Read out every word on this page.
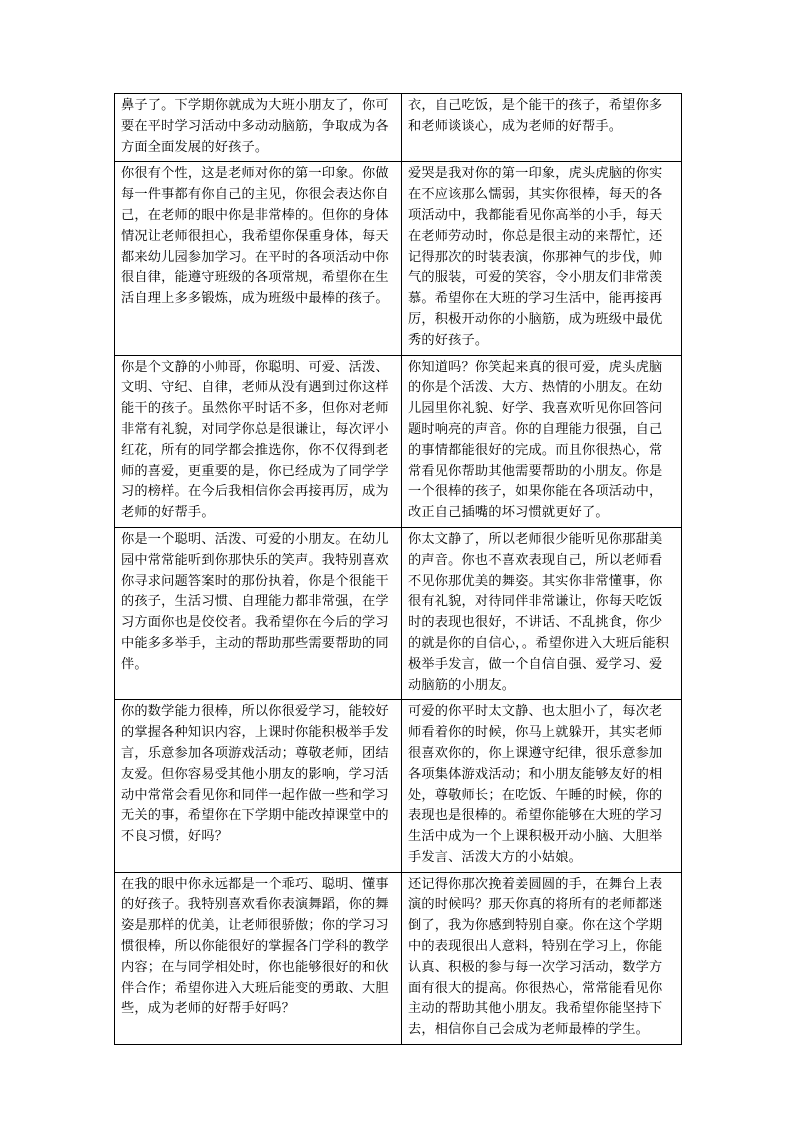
鼻子了。下学期你就成为大班小朋友了，你可要在平时学习活动中多动动脑筋，争取成为各方面全面发展的好孩子。	衣，自己吃饭，是个能干的孩子，希望你多和老师谈谈心，成为老师的好帮手。
你很有个性，这是老师对你的第一印象。你做每一件事都有你自己的主见，你很会表达你自己，在老师的眼中你是非常棒的。但你的身体情况让老师很担心，我希望你保重身体，每天都来幼儿园参加学习。在平时的各项活动中你很自律，能遵守班级的各项常规，希望你在生活自理上多多锻炼，成为班级中最棒的孩子。	爱哭是我对你的第一印象，虎头虎脑的你实在不应该那么懦弱，其实你很棒，每天的各项活动中，我都能看见你高举的小手，每天在老师劳动时，你总是很主动的来帮忙，还记得那次的时装表演，你那神气的步伐，帅气的服装，可爱的笑容，令小朋友们非常羡慕。希望你在大班的学习生活中，能再接再厉，积极开动你的小脑筋，成为班级中最优秀的好孩子。
你是个文静的小帅哥，你聪明、可爱、活泼、文明、守纪、自律，老师从没有遇到过你这样能干的孩子。虽然你平时话不多，但你对老师非常有礼貌，对同学你总是很谦让，每次评小红花，所有的同学都会推选你，你不仅得到老师的喜爱，更重要的是，你已经成为了同学学习的榜样。在今后我相信你会再接再厉，成为老师的好帮手。	你知道吗？你笑起来真的很可爱，虎头虎脑的你是个活泼、大方、热情的小朋友。在幼儿园里你礼貌、好学、我喜欢听见你回答问题时响亮的声音。你的自理能力很强，自己的事情都能很好的完成。而且你很热心，常常看见你帮助其他需要帮助的小朋友。你是一个很棒的孩子，如果你能在各项活动中，改正自己插嘴的坏习惯就更好了。
你是一个聪明、活泼、可爱的小朋友。在幼儿园中常常能听到你那快乐的笑声。我特别喜欢你寻求问题答案时的那份执着，你是个很能干的孩子，生活习惯、自理能力都非常强，在学习方面你也是佼佼者。我希望你在今后的学习中能多多举手，主动的帮助那些需要帮助的同伴。	你太文静了，所以老师很少能听见你那甜美的声音。你也不喜欢表现自己，所以老师看不见你那优美的舞姿。其实你非常懂事，你很有礼貌，对待同伴非常谦让，你每天吃饭时的表现也很好，不讲话、不乱挑食，你少的就是你的自信心，。希望你进入大班后能积极举手发言，做一个自信自强、爱学习、爱动脑筋的小朋友。
你的数学能力很棒，所以你很爱学习，能较好的掌握各种知识内容，上课时你能积极举手发言，乐意参加各项游戏活动；尊敬老师，团结友爱。但你容易受其他小朋友的影响，学习活动中常常会看见你和同伴一起作做一些和学习无关的事，希望你在下学期中能改掉课堂中的不良习惯，好吗？	可爱的你平时太文静、也太胆小了，每次老师看着你的时候，你马上就躲开，其实老师很喜欢你的，你上课遵守纪律，很乐意参加各项集体游戏活动；和小朋友能够友好的相处，尊敬师长；在吃饭、午睡的时候，你的表现也是很棒的。希望你能够在大班的学习生活中成为一个上课积极开动小脑、大胆举手发言、活泼大方的小姑娘。
在我的眼中你永远都是一个乖巧、聪明、懂事的好孩子。我特别喜欢看你表演舞蹈，你的舞姿是那样的优美，让老师很骄傲；你的学习习惯很棒，所以你能很好的掌握各门学科的教学内容；在与同学相处时，你也能够很好的和伙伴合作；希望你进入大班后能变的勇敢、大胆些，成为老师的好帮手好吗？	还记得你那次挽着姜圆圆的手，在舞台上表演的时候吗？那天你真的将所有的老师都迷倒了，我为你感到特别自豪。你在这个学期中的表现很出人意料，特别在学习上，你能认真、积极的参与每一次学习活动，数学方面有很大的提高。你很热心，常常能看见你主动的帮助其他小朋友。我希望你能坚持下去，相信你自己会成为老师最棒的学生。
